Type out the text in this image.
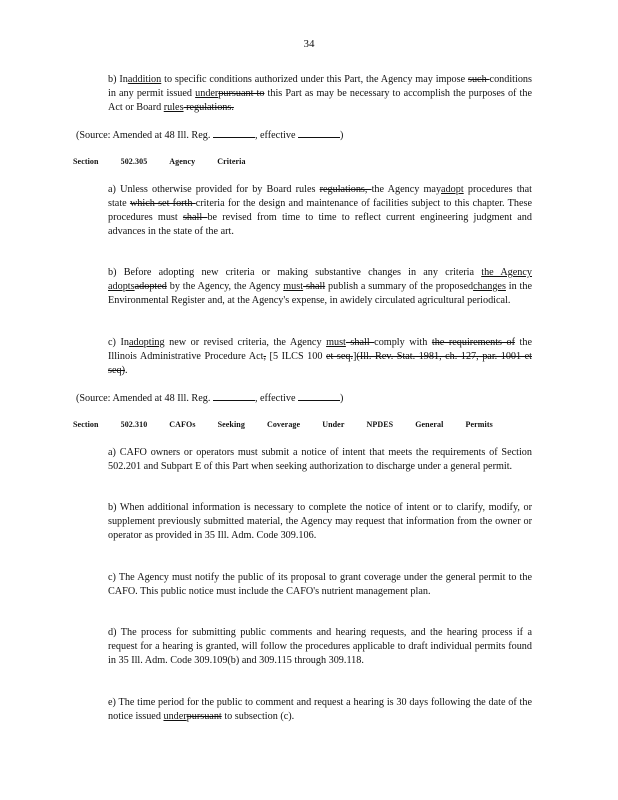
34
b) Inaddition to specific conditions authorized under this Part, the Agency may impose such conditions in any permit issued underpursuant to this Part as may be necessary to accomplish the purposes of the Act or Board rules regulations.
(Source: Amended at 48 Ill. Reg.	, effective	)
Section	502.305	Agency	Criteria
a) Unless otherwise provided for by Board rules regulations, the Agency mayadopt procedures that state which set forth criteria for the design and maintenance of facilities subject to this chapter. These procedures must shall be revised from time to time to reflect current engineering judgment and advances in the state of the art.
b) Before adopting new criteria or making substantive changes in any criteria the Agency adoptsadopted by the Agency, the Agency must shall publish a summary of the proposedchanges in the Environmental Register and, at the Agency's expense, in awidely circulated agricultural periodical.
c) Inadopting new or revised criteria, the Agency must shall comply with the requirements of the Illinois Administrative Procedure Act, [5 ILCS 100 et seq.](Ill. Rev. Stat. 1981, ch. 127, par. 1001 et seq).
(Source: Amended at 48 Ill. Reg.	, effective	)
Section	502.310	CAFOs	Seeking	Coverage	Under	NPDES	General	Permits
a) CAFO owners or operators must submit a notice of intent that meets the requirements of Section 502.201 and Subpart E of this Part when seeking authorization to discharge under a general permit.
b) When additional information is necessary to complete the notice of intent or to clarify, modify, or supplement previously submitted material, the Agency may request that information from the owner or operator as provided in 35 Ill. Adm. Code 309.106.
c) The Agency must notify the public of its proposal to grant coverage under the general permit to the CAFO. This public notice must include the CAFO's nutrient management plan.
d) The process for submitting public comments and hearing requests, and the hearing process if a request for a hearing is granted, will follow the procedures applicable to draft individual permits found in 35 Ill. Adm. Code 309.109(b) and 309.115 through 309.118.
e) The time period for the public to comment and request a hearing is 30 days following the date of the notice issued underpursuant to subsection (c).
